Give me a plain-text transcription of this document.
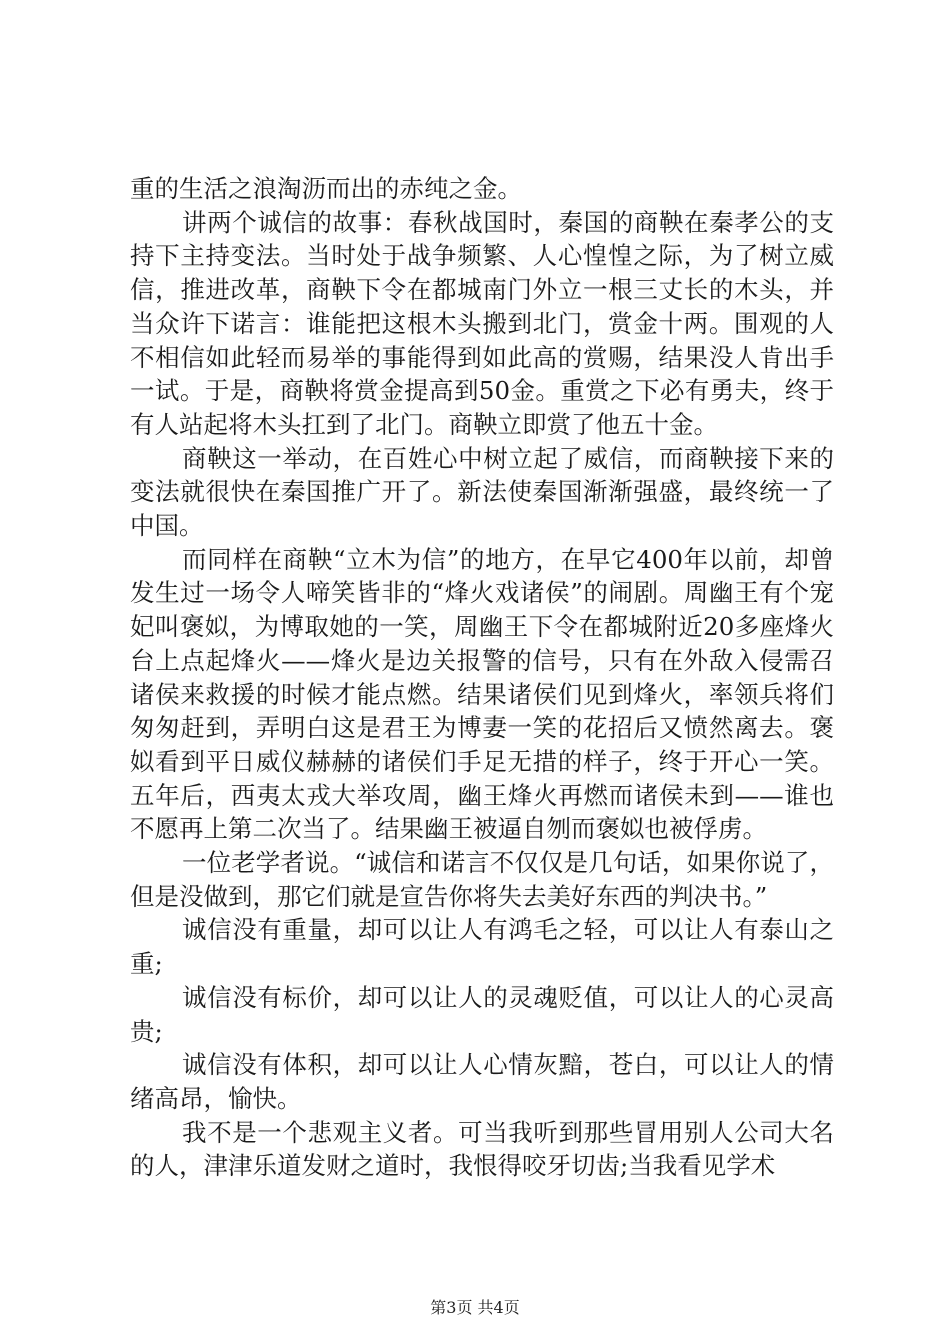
重的生活之浪淘沥而出的赤纯之金。

讲两个诚信的故事：春秋战国时，秦国的商鞅在秦孝公的支持下主持变法。当时处于战争频繁、人心惶惶之际，为了树立威信，推进改革，商鞅下令在都城南门外立一根三丈长的木头，并当众许下诺言：谁能把这根木头搬到北门，赏金十两。围观的人不相信如此轻而易举的事能得到如此高的赏赐，结果没人肯出手一试。于是，商鞅将赏金提高到50金。重赏之下必有勇夫，终于有人站起将木头扛到了北门。商鞅立即赏了他五十金。

商鞅这一举动，在百姓心中树立起了威信，而商鞅接下来的变法就很快在秦国推广开了。新法使秦国渐渐强盛，最终统一了中国。

而同样在商鞅“立木为信”的地方，在早它400年以前，却曾发生过一场令人啼笑皆非的“烽火戏诸侯”的闹剧。周幽王有个宠妃叫褒姒，为博取她的一笑，周幽王下令在都城附近20多座烽火台上点起烽火——烽火是边关报警的信号，只有在外敌入侵需召诸侯来救援的时候才能点燃。结果诸侯们见到烽火，率领兵将们匆匆赶到，弄明白这是君王为博妻一笑的花招后又愤然离去。褒姒看到平日威仪赫赫的诸侯们手足无措的样子，终于开心一笑。五年后，西夷太戎大举攻周，幽王烽火再燃而诸侯未到——谁也不愿再上第二次当了。结果幽王被逼自刎而褒姒也被俘虏。

一位老学者说。“诚信和诺言不仅仅是几句话，如果你说了，但是没做到，那它们就是宣告你将失去美好东西的判决书。”

诚信没有重量，却可以让人有鸿毛之轻，可以让人有泰山之重;

诚信没有标价，却可以让人的灵魂贬值，可以让人的心灵高贵;

诚信没有体积，却可以让人心情灰黯，苍白，可以让人的情绪高昂，愉快。

我不是一个悲观主义者。可当我听到那些冒用别人公司大名的人，津津乐道发财之道时，我恨得咬牙切齿;当我看见学术

第3页 共4页
